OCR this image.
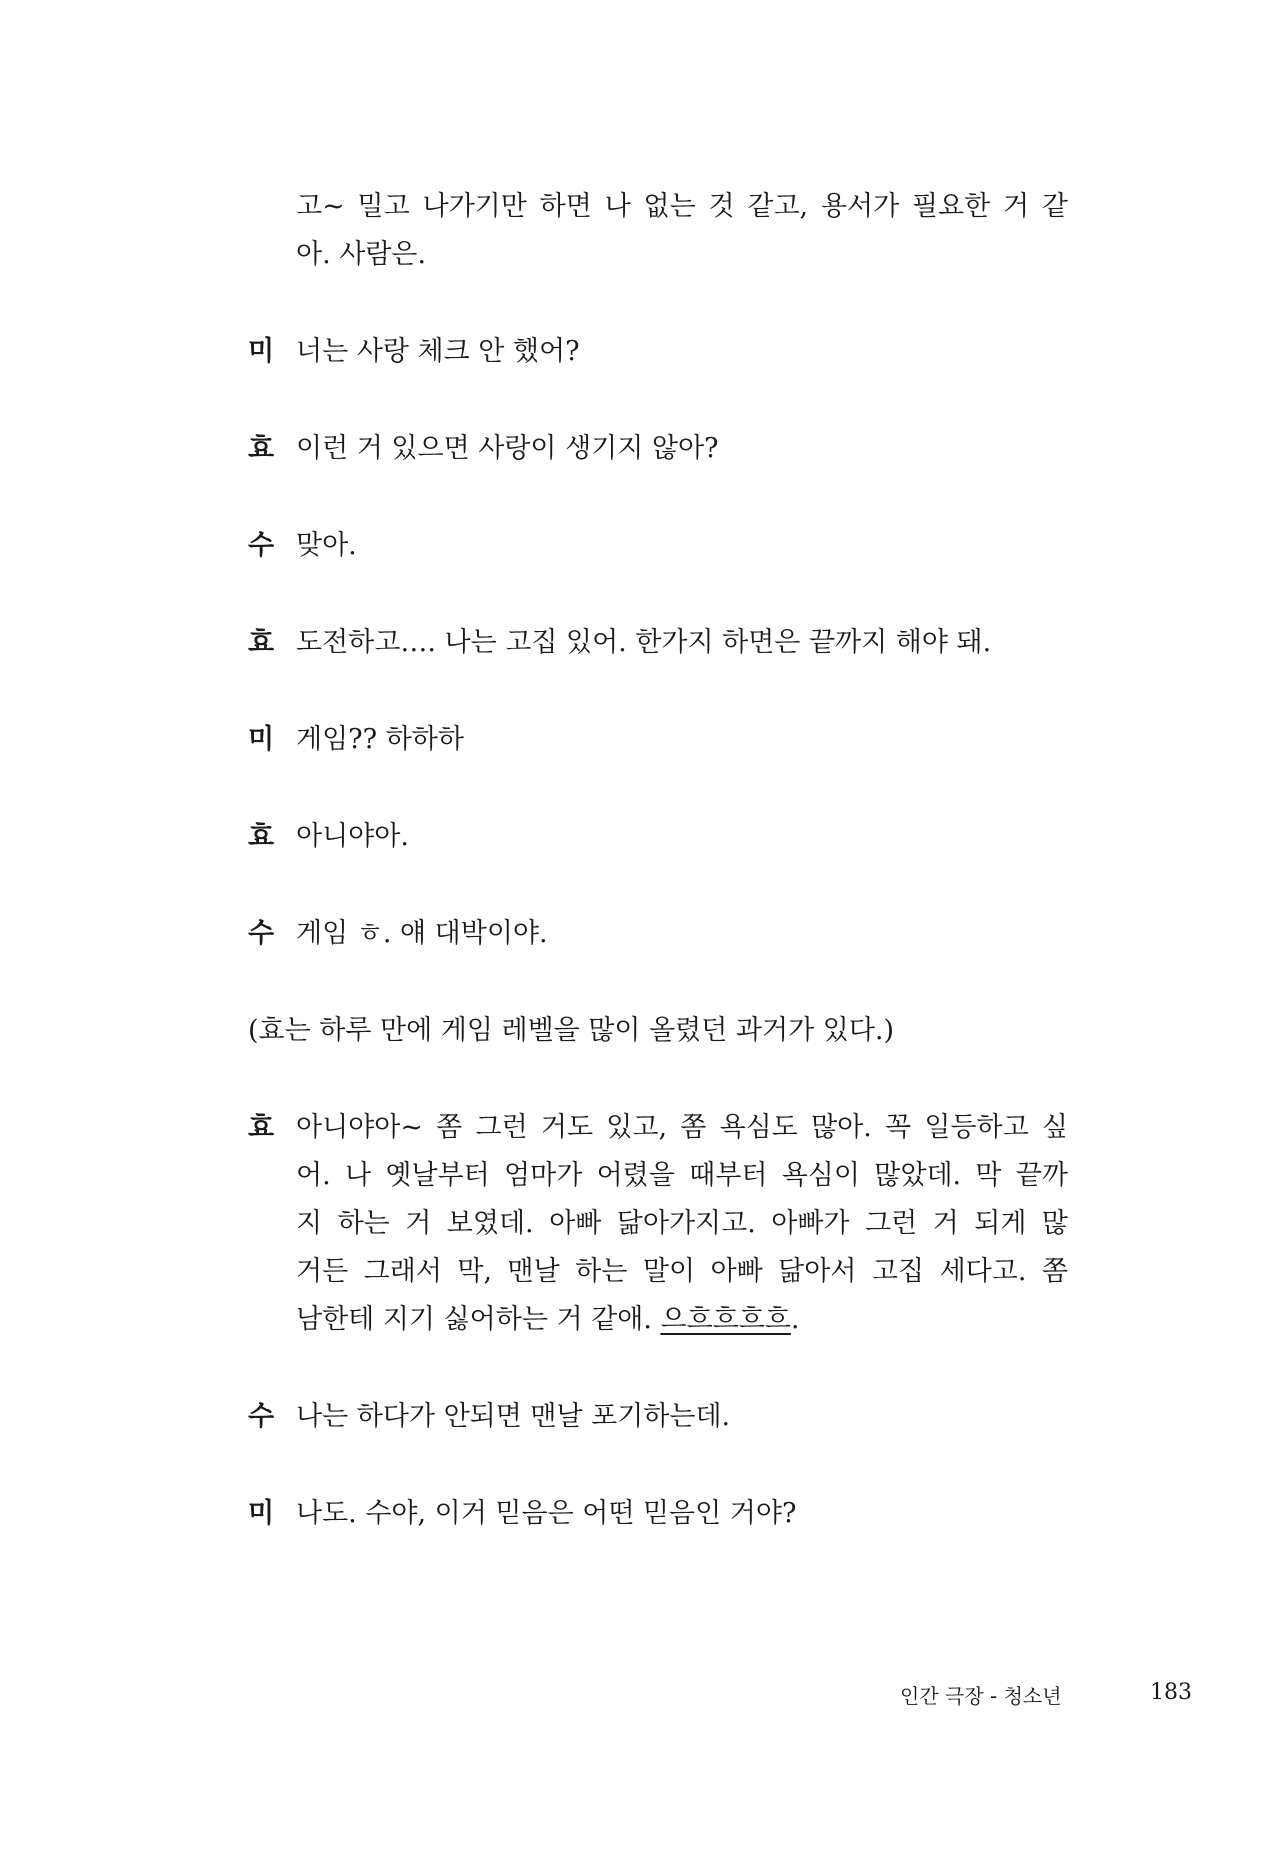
고~ 밀고 나가기만 하면 나 없는 것 같고, 용서가 필요한 거 같
아. 사람은.
미 너는 사랑 체크 안 했어?
효 이런 거 있으면 사랑이 생기지 않아?
수 맞아.
효 도전하고…. 나는 고집 있어. 한가지 하면은 끝까지 해야 돼.
미 게임?? 하하하
효 아니야아.
수 게임 ㅎ. 얘 대박이야.
(효는 하루 만에 게임 레벨을 많이 올렸던 과거가 있다.)
효 아니야아~ 쫌 그런 거도 있고, 쫌 욕심도 많아. 꼭 일등하고 싶
어. 나 옛날부터 엄마가 어렸을 때부터 욕심이 많았데. 막 끝까
지 하는 거 보였데. 아빠 닮아가지고. 아빠가 그런 거 되게 많
거든 그래서 막, 맨날 하는 말이 아빠 닮아서 고집 세다고. 쫌
남한테 지기 싫어하는 거 같애. 으흐흐흐흐.
수 나는 하다가 안되면 맨날 포기하는데.
미 나도. 수야, 이거 믿음은 어떤 믿음인 거야?
인간 극장 - 청소년	183
